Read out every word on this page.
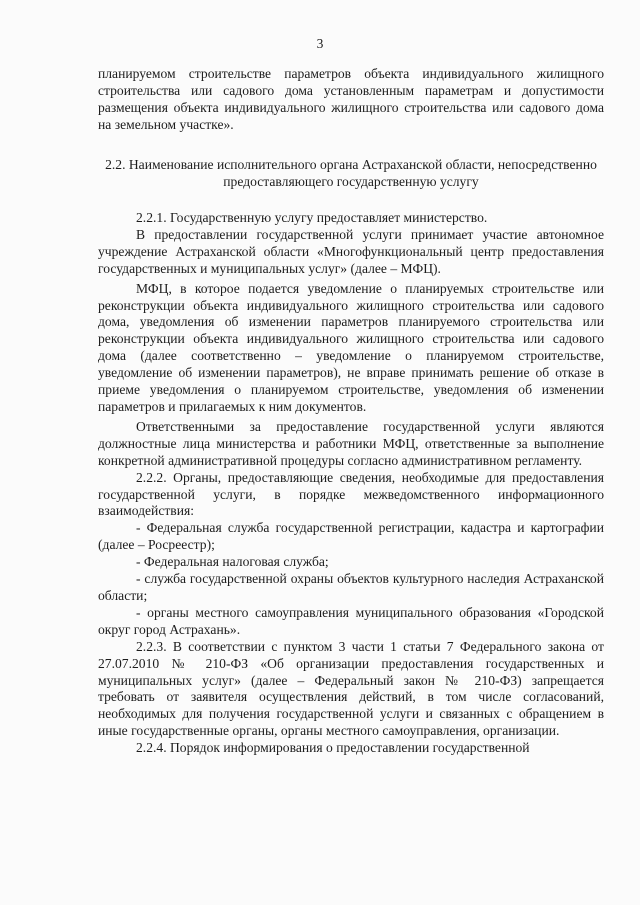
3

планируемом строительстве параметров объекта индивидуального жилищного строительства или садового дома установленным параметрам и допустимости размещения объекта индивидуального жилищного строительства или садового дома на земельном участке».

2.2. Наименование исполнительного органа Астраханской области, непосредственно предоставляющего государственную услугу

2.2.1. Государственную услугу предоставляет министерство.

В предоставлении государственной услуги принимает участие автономное учреждение Астраханской области «Многофункциональный центр предоставления государственных и муниципальных услуг» (далее – МФЦ).

МФЦ, в которое подается уведомление о планируемых строительстве или реконструкции объекта индивидуального жилищного строительства или садового дома, уведомления об изменении параметров планируемого строительства или реконструкции объекта индивидуального жилищного строительства или садового дома (далее соответственно – уведомление о планируемом строительстве, уведомление об изменении параметров), не вправе принимать решение об отказе в приеме уведомления о планируемом строительстве, уведомления об изменении параметров и прилагаемых к ним документов.

Ответственными за предоставление государственной услуги являются должностные лица министерства и работники МФЦ, ответственные за выполнение конкретной административной процедуры согласно административном регламенту.

2.2.2. Органы, предоставляющие сведения, необходимые для предоставления государственной услуги, в порядке межведомственного информационного взаимодействия:

- Федеральная служба государственной регистрации, кадастра и картографии (далее – Росреестр);

- Федеральная налоговая служба;

- служба государственной охраны объектов культурного наследия Астраханской области;

- органы местного самоуправления муниципального образования «Городской округ город Астрахань».

2.2.3. В соответствии с пунктом 3 части 1 статьи 7 Федерального закона от 27.07.2010 № 210-ФЗ «Об организации предоставления государственных и муниципальных услуг» (далее – Федеральный закон № 210-ФЗ) запрещается требовать от заявителя осуществления действий, в том числе согласований, необходимых для получения государственной услуги и связанных с обращением в иные государственные органы, органы местного самоуправления, организации.

2.2.4. Порядок информирования о предоставлении государственной
